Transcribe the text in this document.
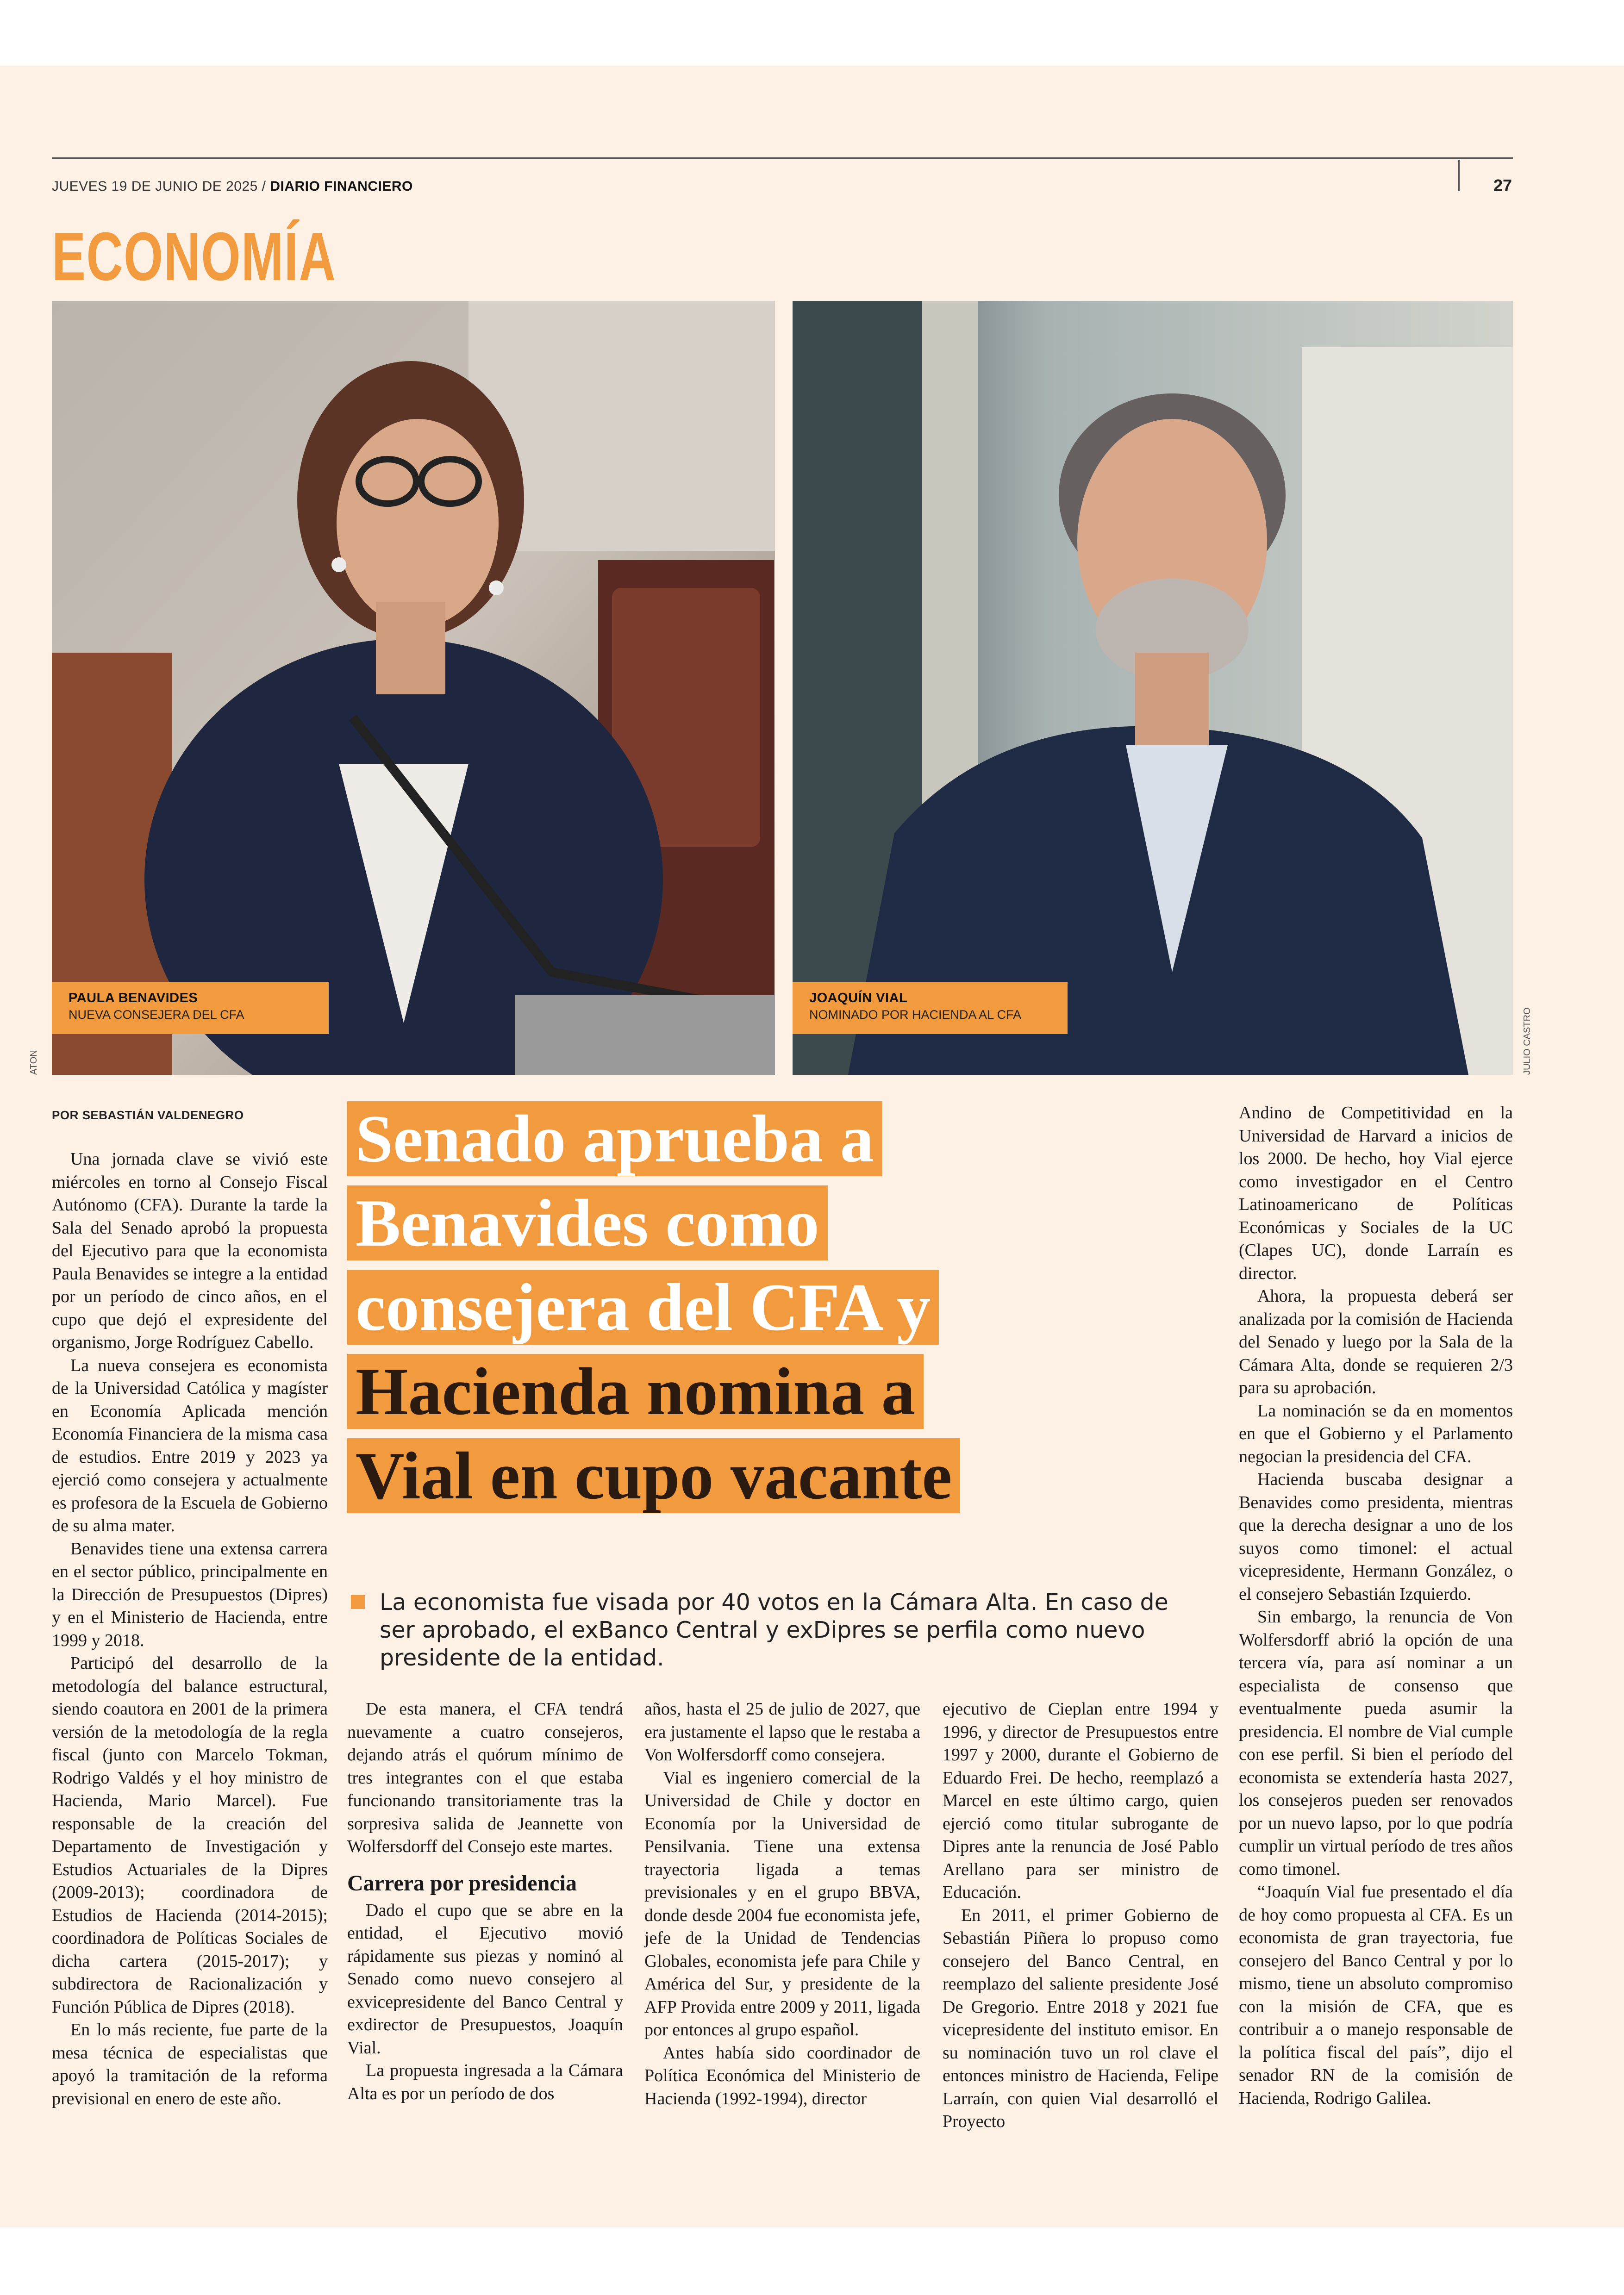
JUEVES 19 DE JUNIO DE 2025 / DIARIO FINANCIERO	27
ECONOMÍA
PAULA BENAVIDES
NUEVA CONSEJERA DEL CFA
JOAQUÍN VIAL
NOMINADO POR HACIENDA AL CFA
ATON	JULIO CASTRO
POR SEBASTIÁN VALDENEGRO Senado aprueba a
Benavides como
consejera del CFA y
Hacienda nomina a
Vial en cupo vacante
La economista fue visada por 40 votos en la Cámara Alta. En caso de ser aprobado, el exBanco Central y exDipres se perfila como nuevo presidente de la entidad.

Una jornada clave se vivió este miércoles en torno al Consejo Fiscal Autónomo (CFA). Durante la tarde la Sala del Senado aprobó la propuesta del Ejecutivo para que la economista Paula Benavides se integre a la entidad por un período de cinco años, en el cupo que dejó el expresidente del organismo, Jorge Rodríguez Cabello.

La nueva consejera es economista de la Universidad Católica y magíster en Economía Aplicada mención Economía Financiera de la misma casa de estudios. Entre 2019 y 2023 ya ejerció como consejera y actualmente es profesora de la Escuela de Gobierno de su alma mater.

Benavides tiene una extensa carrera en el sector público, principalmente en la Dirección de Presupuestos (Dipres) y en el Ministerio de Hacienda, entre 1999 y 2018.

Participó del desarrollo de la metodología del balance estructural, siendo coautora en 2001 de la primera versión de la metodología de la regla fiscal (junto con Marcelo Tokman, Rodrigo Valdés y el hoy ministro de Hacienda, Mario Marcel). Fue responsable de la creación del Departamento de Investigación y Estudios Actuariales de la Dipres (2009-2013); coordinadora de Estudios de Hacienda (2014-2015); coordinadora de Políticas Sociales de dicha cartera (2015-2017); y subdirectora de Racionalización y Función Pública de Dipres (2018).

En lo más reciente, fue parte de la mesa técnica de especialistas que apoyó la tramitación de la reforma previsional en enero de este año.

De esta manera, el CFA tendrá nuevamente a cuatro consejeros, dejando atrás el quórum mínimo de tres integrantes con el que estaba funcionando transitoriamente tras la sorpresiva salida de Jeannette von Wolfersdorff del Consejo este martes.

Carrera por presidencia

Dado el cupo que se abre en la entidad, el Ejecutivo movió rápidamente sus piezas y nominó al Senado como nuevo consejero al exvicepresidente del Banco Central y exdirector de Presupuestos, Joaquín Vial.

La propuesta ingresada a la Cámara Alta es por un período de dos

años, hasta el 25 de julio de 2027, que era justamente el lapso que le restaba a Von Wolfersdorff como consejera.

Vial es ingeniero comercial de la Universidad de Chile y doctor en Economía por la Universidad de Pensilvania. Tiene una extensa trayectoria ligada a temas previsionales y en el grupo BBVA, donde desde 2004 fue economista jefe, jefe de la Unidad de Tendencias Globales, economista jefe para Chile y América del Sur, y presidente de la AFP Provida entre 2009 y 2011, ligada por entonces al grupo español.

Antes había sido coordinador de Política Económica del Ministerio de Hacienda (1992-1994), director

ejecutivo de Cieplan entre 1994 y 1996, y director de Presupuestos entre 1997 y 2000, durante el Gobierno de Eduardo Frei. De hecho, reemplazó a Marcel en este último cargo, quien ejerció como titular subrogante de Dipres ante la renuncia de José Pablo Arellano para ser ministro de Educación.

En 2011, el primer Gobierno de Sebastián Piñera lo propuso como consejero del Banco Central, en reemplazo del saliente presidente José De Gregorio. Entre 2018 y 2021 fue vicepresidente del instituto emisor. En su nominación tuvo un rol clave el entonces ministro de Hacienda, Felipe Larraín, con quien Vial desarrolló el Proyecto

Andino de Competitividad en la Universidad de Harvard a inicios de los 2000. De hecho, hoy Vial ejerce como investigador en el Centro Latinoamericano de Políticas Económicas y Sociales de la UC (Clapes UC), donde Larraín es director.

Ahora, la propuesta deberá ser analizada por la comisión de Hacienda del Senado y luego por la Sala de la Cámara Alta, donde se requieren 2/3 para su aprobación.

La nominación se da en momentos en que el Gobierno y el Parlamento negocian la presidencia del CFA.

Hacienda buscaba designar a Benavides como presidenta, mientras que la derecha designar a uno de los suyos como timonel: el actual vicepresidente, Hermann González, o el consejero Sebastián Izquierdo.

Sin embargo, la renuncia de Von Wolfersdorff abrió la opción de una tercera vía, para así nominar a un especialista de consenso que eventualmente pueda asumir la presidencia. El nombre de Vial cumple con ese perfil. Si bien el período del economista se extendería hasta 2027, los consejeros pueden ser renovados por un nuevo lapso, por lo que podría cumplir un virtual período de tres años como timonel.

“Joaquín Vial fue presentado el día de hoy como propuesta al CFA. Es un economista de gran trayectoria, fue consejero del Banco Central y por lo mismo, tiene un absoluto compromiso con la misión de CFA, que es contribuir a o manejo responsable de la política fiscal del país”, dijo el senador RN de la comisión de Hacienda, Rodrigo Galilea.
